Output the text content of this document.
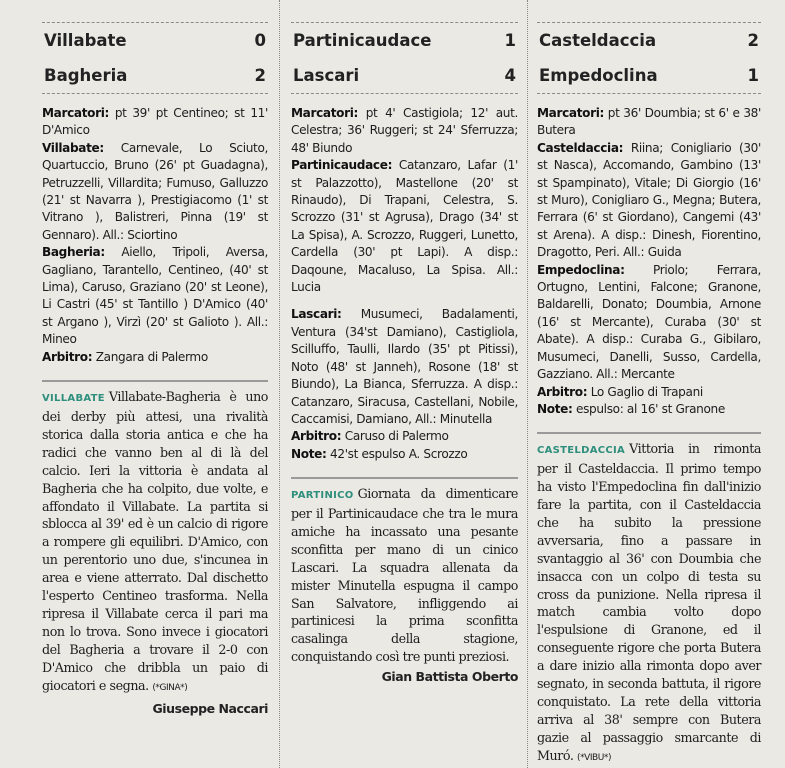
Villabate	0
Bagheria	2

Marcatori: pt 39' pt Centineo; st 11' D'Amico

Villabate: Carnevale, Lo Sciuto, Quartuccio, Bruno (26' pt Guadagna), Petruzzelli, Villardita; Fumuso, Galluzzo (21' st Navarra ), Prestigiacomo (1' st Vitrano ), Balistreri, Pinna (19' st Gennaro). All.: Sciortino

Bagheria: Aiello, Tripoli, Aversa, Gagliano, Tarantello, Centineo, (40' st Lima), Caruso, Graziano (20' st Leone), Li Castri (45' st Tantillo ) D'Amico (40' st Argano ), Virzì (20' st Galioto ). All.: Mineo

Arbitro: Zangara di Palermo

VILLABATE Villabate-Bagheria è uno dei derby più attesi, una rivalità storica dalla storia antica e che ha radici che vanno ben al di là del calcio. Ieri la vittoria è andata al Bagheria che ha colpito, due volte, e affondato il Villabate. La partita si sblocca al 39' ed è un calcio di rigore a rompere gli equilibri. D'Amico, con un perentorio uno due, s'incunea in area e viene atterrato. Dal dischetto l'esperto Centineo trasforma. Nella ripresa il Villabate cerca il pari ma non lo trova. Sono invece i giocatori del Bagheria a trovare il 2-0 con D'Amico che dribbla un paio di giocatori e segna. (*GINA*)
Giuseppe Naccari
Partinicaudace	1
Lascari	4

Marcatori: pt 4' Castigiola; 12' aut. Celestra; 36' Ruggeri; st 24' Sferruzza; 48' Biundo

Partinicaudace: Catanzaro, Lafar (1' st Palazzotto), Mastellone (20' st Rinaudo), Di Trapani, Celestra, S. Scrozzo (31' st Agrusa), Drago (34' st La Spisa), A. Scrozzo, Ruggeri, Lunetto, Cardella (30' pt Lapi). A disp.: Daqoune, Macaluso, La Spisa. All.: Lucia

Lascari: Musumeci, Badalamenti, Ventura (34'st Damiano), Castigliola, Scilluffo, Taulli, Ilardo (35' pt Pitissi), Noto (48' st Janneh), Rosone (18' st Biundo), La Bianca, Sferruzza. A disp.: Catanzaro, Siracusa, Castellani, Nobile, Caccamisi, Damiano, All.: Minutella

Arbitro: Caruso di Palermo

Note: 42'st espulso A. Scrozzo

PARTINICO Giornata da dimenticare per il Partinicaudace che tra le mura amiche ha incassato una pesante sconfitta per mano di un cinico Lascari. La squadra allenata da mister Minutella espugna il campo San Salvatore, infliggendo ai partinicesi la prima sconfitta casalinga della stagione, conquistando così tre punti preziosi.
Gian Battista Oberto
Casteldaccia	2
Empedoclina	1

Marcatori: pt 36' Doumbia; st 6' e 38' Butera

Casteldaccia: Riina; Conigliario (30' st Nasca), Accomando, Gambino (13' st Spampinato), Vitale; Di Giorgio (16' st Muro), Conigliaro G., Megna; Butera, Ferrara (6' st Giordano), Cangemi (43' st Arena). A disp.: Dinesh, Fiorentino, Dragotto, Peri. All.: Guida

Empedoclina: Priolo; Ferrara, Ortugno, Lentini, Falcone; Granone, Baldarelli, Donato; Doumbia, Arnone (16' st Mercante), Curaba (30' st Abate). A disp.: Curaba G., Gibilaro, Musumeci, Danelli, Susso, Cardella, Gazziano. All.: Mercante

Arbitro: Lo Gaglio di Trapani

Note: espulso: al 16' st Granone

CASTELDACCIA Vittoria in rimonta per il Casteldaccia. Il primo tempo ha visto l'Empedoclina fin dall'inizio fare la partita, con il Casteldaccia che ha subito la pressione avversaria, fino a passare in svantaggio al 36' con Doumbia che insacca con un colpo di testa su cross da punizione. Nella ripresa il match cambia volto dopo l'espulsione di Granone, ed il conseguente rigore che porta Butera a dare inizio alla rimonta dopo aver segnato, in seconda battuta, il rigore conquistato. La rete della vittoria arriva al 38' sempre con Butera gazie al passaggio smarcante di Muró. (*VIBU*)
